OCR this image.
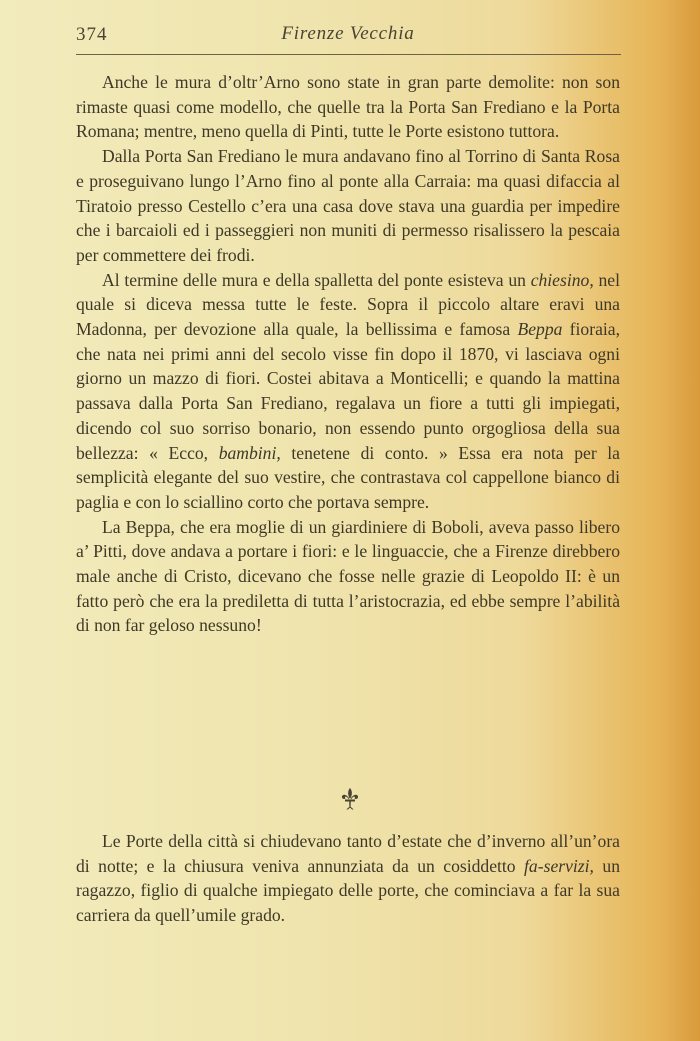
374	Firenze Vecchia

Anche le mura d’oltr’Arno sono state in gran parte demolite: non son rimaste quasi come modello, che quelle tra la Porta San Frediano e la Porta Romana; mentre, meno quella di Pinti, tutte le Porte esistono tuttora.

Dalla Porta San Frediano le mura andavano fino al Torrino di Santa Rosa e proseguivano lungo l’Arno fino al ponte alla Carraia: ma quasi difaccia al Tiratoio presso Cestello c’era una casa dove stava una guardia per impedire che i barcaioli ed i passeggieri non muniti di permesso risalissero la pescaia per commettere dei frodi.

Al termine delle mura e della spalletta del ponte esisteva un chiesino, nel quale si diceva messa tutte le feste. Sopra il piccolo altare eravi una Madonna, per devozione alla quale, la bellissima e famosa Beppa fioraia, che nata nei primi anni del secolo visse fin dopo il 1870, vi lasciava ogni giorno un mazzo di fiori. Costei abitava a Monticelli; e quando la mattina passava dalla Porta San Frediano, regalava un fiore a tutti gli impiegati, dicendo col suo sorriso bonario, non essendo punto orgogliosa della sua bellezza: « Ecco, bambini, tenetene di conto. » Essa era nota per la semplicità elegante del suo vestire, che contrastava col cappellone bianco di paglia e con lo sciallino corto che portava sempre.

La Beppa, che era moglie di un giardiniere di Boboli, aveva passo libero a’ Pitti, dove andava a portare i fiori: e le linguaccie, che a Firenze direbbero male anche di Cristo, dicevano che fosse nelle grazie di Leopoldo II: è un fatto però che era la prediletta di tutta l’aristocrazia, ed ebbe sempre l’abilità di non far geloso nessuno!

Le Porte della città si chiudevano tanto d’estate che d’inverno all’un’ora di notte; e la chiusura veniva annunziata da un cosiddetto fa-servizi, un ragazzo, figlio di qualche impiegato delle porte, che cominciava a far la sua carriera da quell’umile grado.
